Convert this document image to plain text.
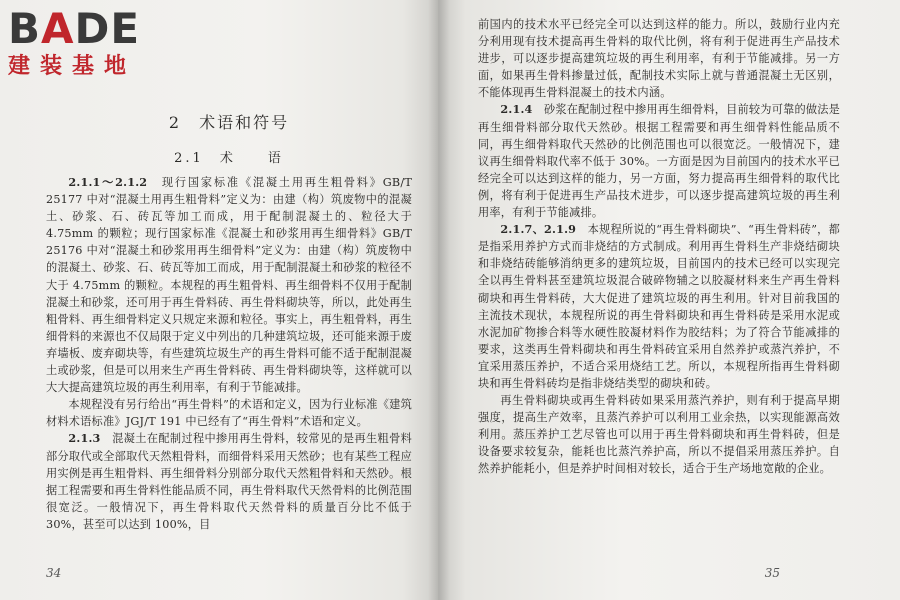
2　术语和符号
2.1　术　　语

2.1.1～2.1.2　 现行国家标准《混凝土用再生粗骨料》GB/T 25177 中对“混凝土用再生粗骨料”定义为：由建（构）筑废物中的混凝土、砂浆、石、砖瓦等加工而成，用于配制混凝土的、粒径大于 4.75mm 的颗粒；现行国家标准《混凝土和砂浆用再生细骨料》GB/T 25176 中对“混凝土和砂浆用再生细骨料”定义为：由建（构）筑废物中的混凝土、砂浆、石、砖瓦等加工而成，用于配制混凝土和砂浆的粒径不大于 4.75mm 的颗粒。本规程的再生粗骨料、再生细骨料不仅用于配制混凝土和砂浆，还可用于再生骨料砖、再生骨料砌块等，所以，此处再生粗骨料、再生细骨料定义只规定来源和粒径。事实上，再生粗骨料，再生细骨料的来源也不仅局限于定义中列出的几种建筑垃圾，还可能来源于废弃墙板、废弃砌块等，有些建筑垃圾生产的再生骨料可能不适于配制混凝土或砂浆，但是可以用来生产再生骨料砖、再生骨料砌块等，这样就可以大大提高建筑垃圾的再生利用率，有利于节能减排。

本规程没有另行给出“再生骨料”的术语和定义，因为行业标准《建筑材料术语标准》JGJ/T 191 中已经有了“再生骨料”术语和定义。

2.1.3　 混凝土在配制过程中掺用再生骨料，较常见的是再生粗骨料部分取代或全部取代天然粗骨料，而细骨料采用天然砂；也有某些工程应用实例是再生粗骨料、再生细骨料分别部分取代天然粗骨料和天然砂。根据工程需要和再生骨料性能品质不同，再生骨料取代天然骨料的比例范围很宽泛。一般情况下，再生骨料取代天然骨料的质量百分比不低于 30%，甚至可以达到 100%，目

34

前国内的技术水平已经完全可以达到这样的能力。所以，鼓励行业内充分利用现有技术提高再生骨料的取代比例，将有利于促进再生产品技术进步，可以逐步提高建筑垃圾的再生利用率，有利于节能减排。另一方面，如果再生骨料掺量过低，配制技术实际上就与普通混凝土无区别，不能体现再生骨料混凝土的技术内涵。

2.1.4　 砂浆在配制过程中掺用再生细骨料，目前较为可靠的做法是再生细骨料部分取代天然砂。根据工程需要和再生细骨料性能品质不同，再生细骨料取代天然砂的比例范围也可以很宽泛。一般情况下，建议再生细骨料取代率不低于 30%。一方面是因为目前国内的技术水平已经完全可以达到这样的能力，另一方面，努力提高再生细骨料的取代比例，将有利于促进再生产品技术进步，可以逐步提高建筑垃圾的再生利用率，有利于节能减排。

2.1.7、2.1.9　 本规程所说的“再生骨料砌块”、“再生骨料砖”，都是指采用养护方式而非烧结的方式制成。利用再生骨料生产非烧结砌块和非烧结砖能够消纳更多的建筑垃圾，目前国内的技术已经可以实现完全以再生骨料甚至建筑垃圾混合破碎物辅之以胶凝材料来生产再生骨料砌块和再生骨料砖，大大促进了建筑垃圾的再生利用。针对目前我国的主流技术现状，本规程所说的再生骨料砌块和再生骨料砖是采用水泥或水泥加矿物掺合料等水硬性胶凝材料作为胶结料；为了符合节能减排的要求，这类再生骨料砌块和再生骨料砖宜采用自然养护或蒸汽养护，不宜采用蒸压养护，不适合采用烧结工艺。所以，本规程所指再生骨料砌块和再生骨料砖均是指非烧结类型的砌块和砖。

再生骨料砌块或再生骨料砖如果采用蒸汽养护，则有利于提高早期强度，提高生产效率，且蒸汽养护可以利用工业余热，以实现能源高效利用。蒸压养护工艺尽管也可以用于再生骨料砌块和再生骨料砖，但是设备要求较复杂，能耗也比蒸汽养护高，所以不提倡采用蒸压养护。自然养护能耗小，但是养护时间相对较长，适合于生产场地宽敞的企业。

35
BADE
建装基地
